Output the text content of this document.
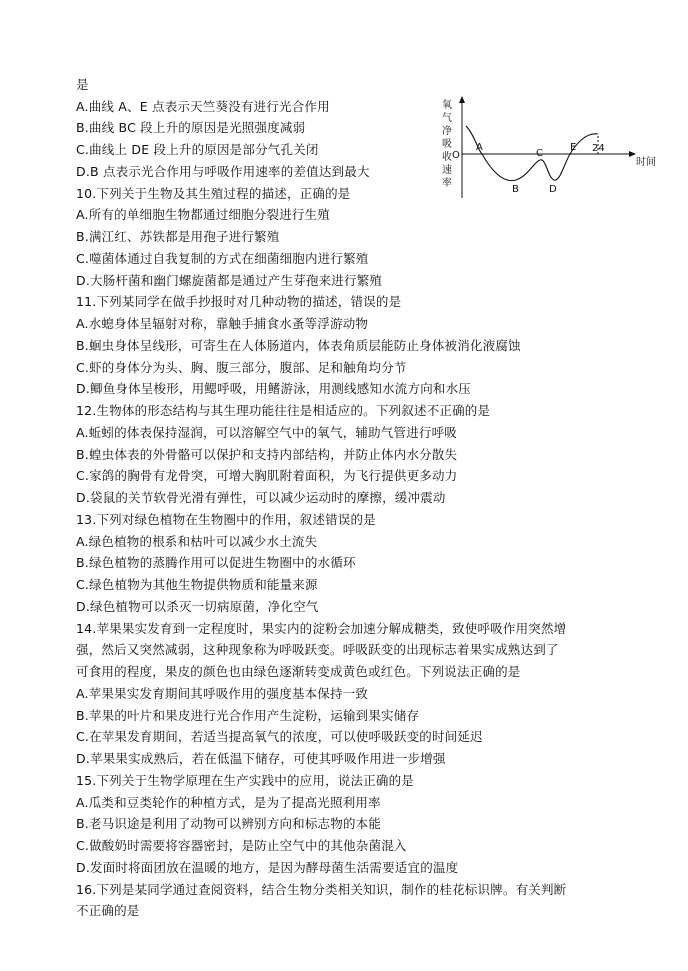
是
A.曲线 A、E 点表示天竺葵没有进行光合作用
B.曲线 BC 段上升的原因是光照强度减弱
C.曲线上 DE 段上升的原因是部分气孔关闭
D.B 点表示光合作用与呼吸作用速率的差值达到最大
10.下列关于生物及其生殖过程的描述，正确的是
A.所有的单细胞生物都通过细胞分裂进行生殖
B.满江红、苏铁都是用孢子进行繁殖
C.噬菌体通过自我复制的方式在细菌细胞内进行繁殖
D.大肠杆菌和幽门螺旋菌都是通过产生芽孢来进行繁殖
11.下列某同学在做手抄报时对几种动物的描述，错误的是
A.水螅身体呈辐射对称，靠触手捕食水蚤等浮游动物
B.蛔虫身体呈线形，可寄生在人体肠道内，体表角质层能防止身体被消化液腐蚀
C.虾的身体分为头、胸、腹三部分，腹部、足和触角均分节
D.鲫鱼身体呈梭形，用鳃呼吸，用鳍游泳，用测线感知水流方向和水压
12.生物体的形态结构与其生理功能往往是相适应的。下列叙述不正确的是
A.蚯蚓的体表保持湿润，可以溶解空气中的氧气，辅助气管进行呼吸
B.蝗虫体表的外骨骼可以保护和支持内部结构，并防止体内水分散失
C.家鸽的胸骨有龙骨突，可增大胸肌附着面积，为飞行提供更多动力
D.袋鼠的关节软骨光滑有弹性，可以减少运动时的摩擦，缓冲震动
13.下列对绿色植物在生物圈中的作用，叙述错误的是
A.绿色植物的根系和枯叶可以减少水土流失
B.绿色植物的蒸腾作用可以促进生物圈中的水循环
C.绿色植物为其他生物提供物质和能量来源
D.绿色植物可以杀灭一切病原菌，净化空气
14.苹果果实发育到一定程度时，果实内的淀粉会加速分解成糖类，致使呼吸作用突然增
强，然后又突然减弱，这种现象称为呼吸跃变。呼吸跃变的出现标志着果实成熟达到了
可食用的程度，果皮的颜色也由绿色逐渐转变成黄色或红色。下列说法正确的是
A.苹果果实发育期间其呼吸作用的强度基本保持一致
B.苹果的叶片和果皮进行光合作用产生淀粉，运输到果实储存
C.在苹果发育期间，若适当提高氧气的浓度，可以使呼吸跃变的时间延迟
D.苹果果实成熟后，若在低温下储存，可使其呼吸作用进一步增强
15.下列关于生物学原理在生产实践中的应用，说法正确的是
A.瓜类和豆类轮作的种植方式，是为了提高光照利用率
B.老马识途是利用了动物可以辨别方向和标志物的本能
C.做酸奶时需要将容器密封，是防止空气中的其他杂菌混入
D.发面时将面团放在温暖的地方，是因为酵母菌生活需要适宜的温度
16.下列是某同学通过查阅资料，结合生物分类相关知识，制作的桂花标识牌。有关判断
不正确的是
氧
气
净
吸
收
速
率
O
时间
24
A
B
C
D
E
